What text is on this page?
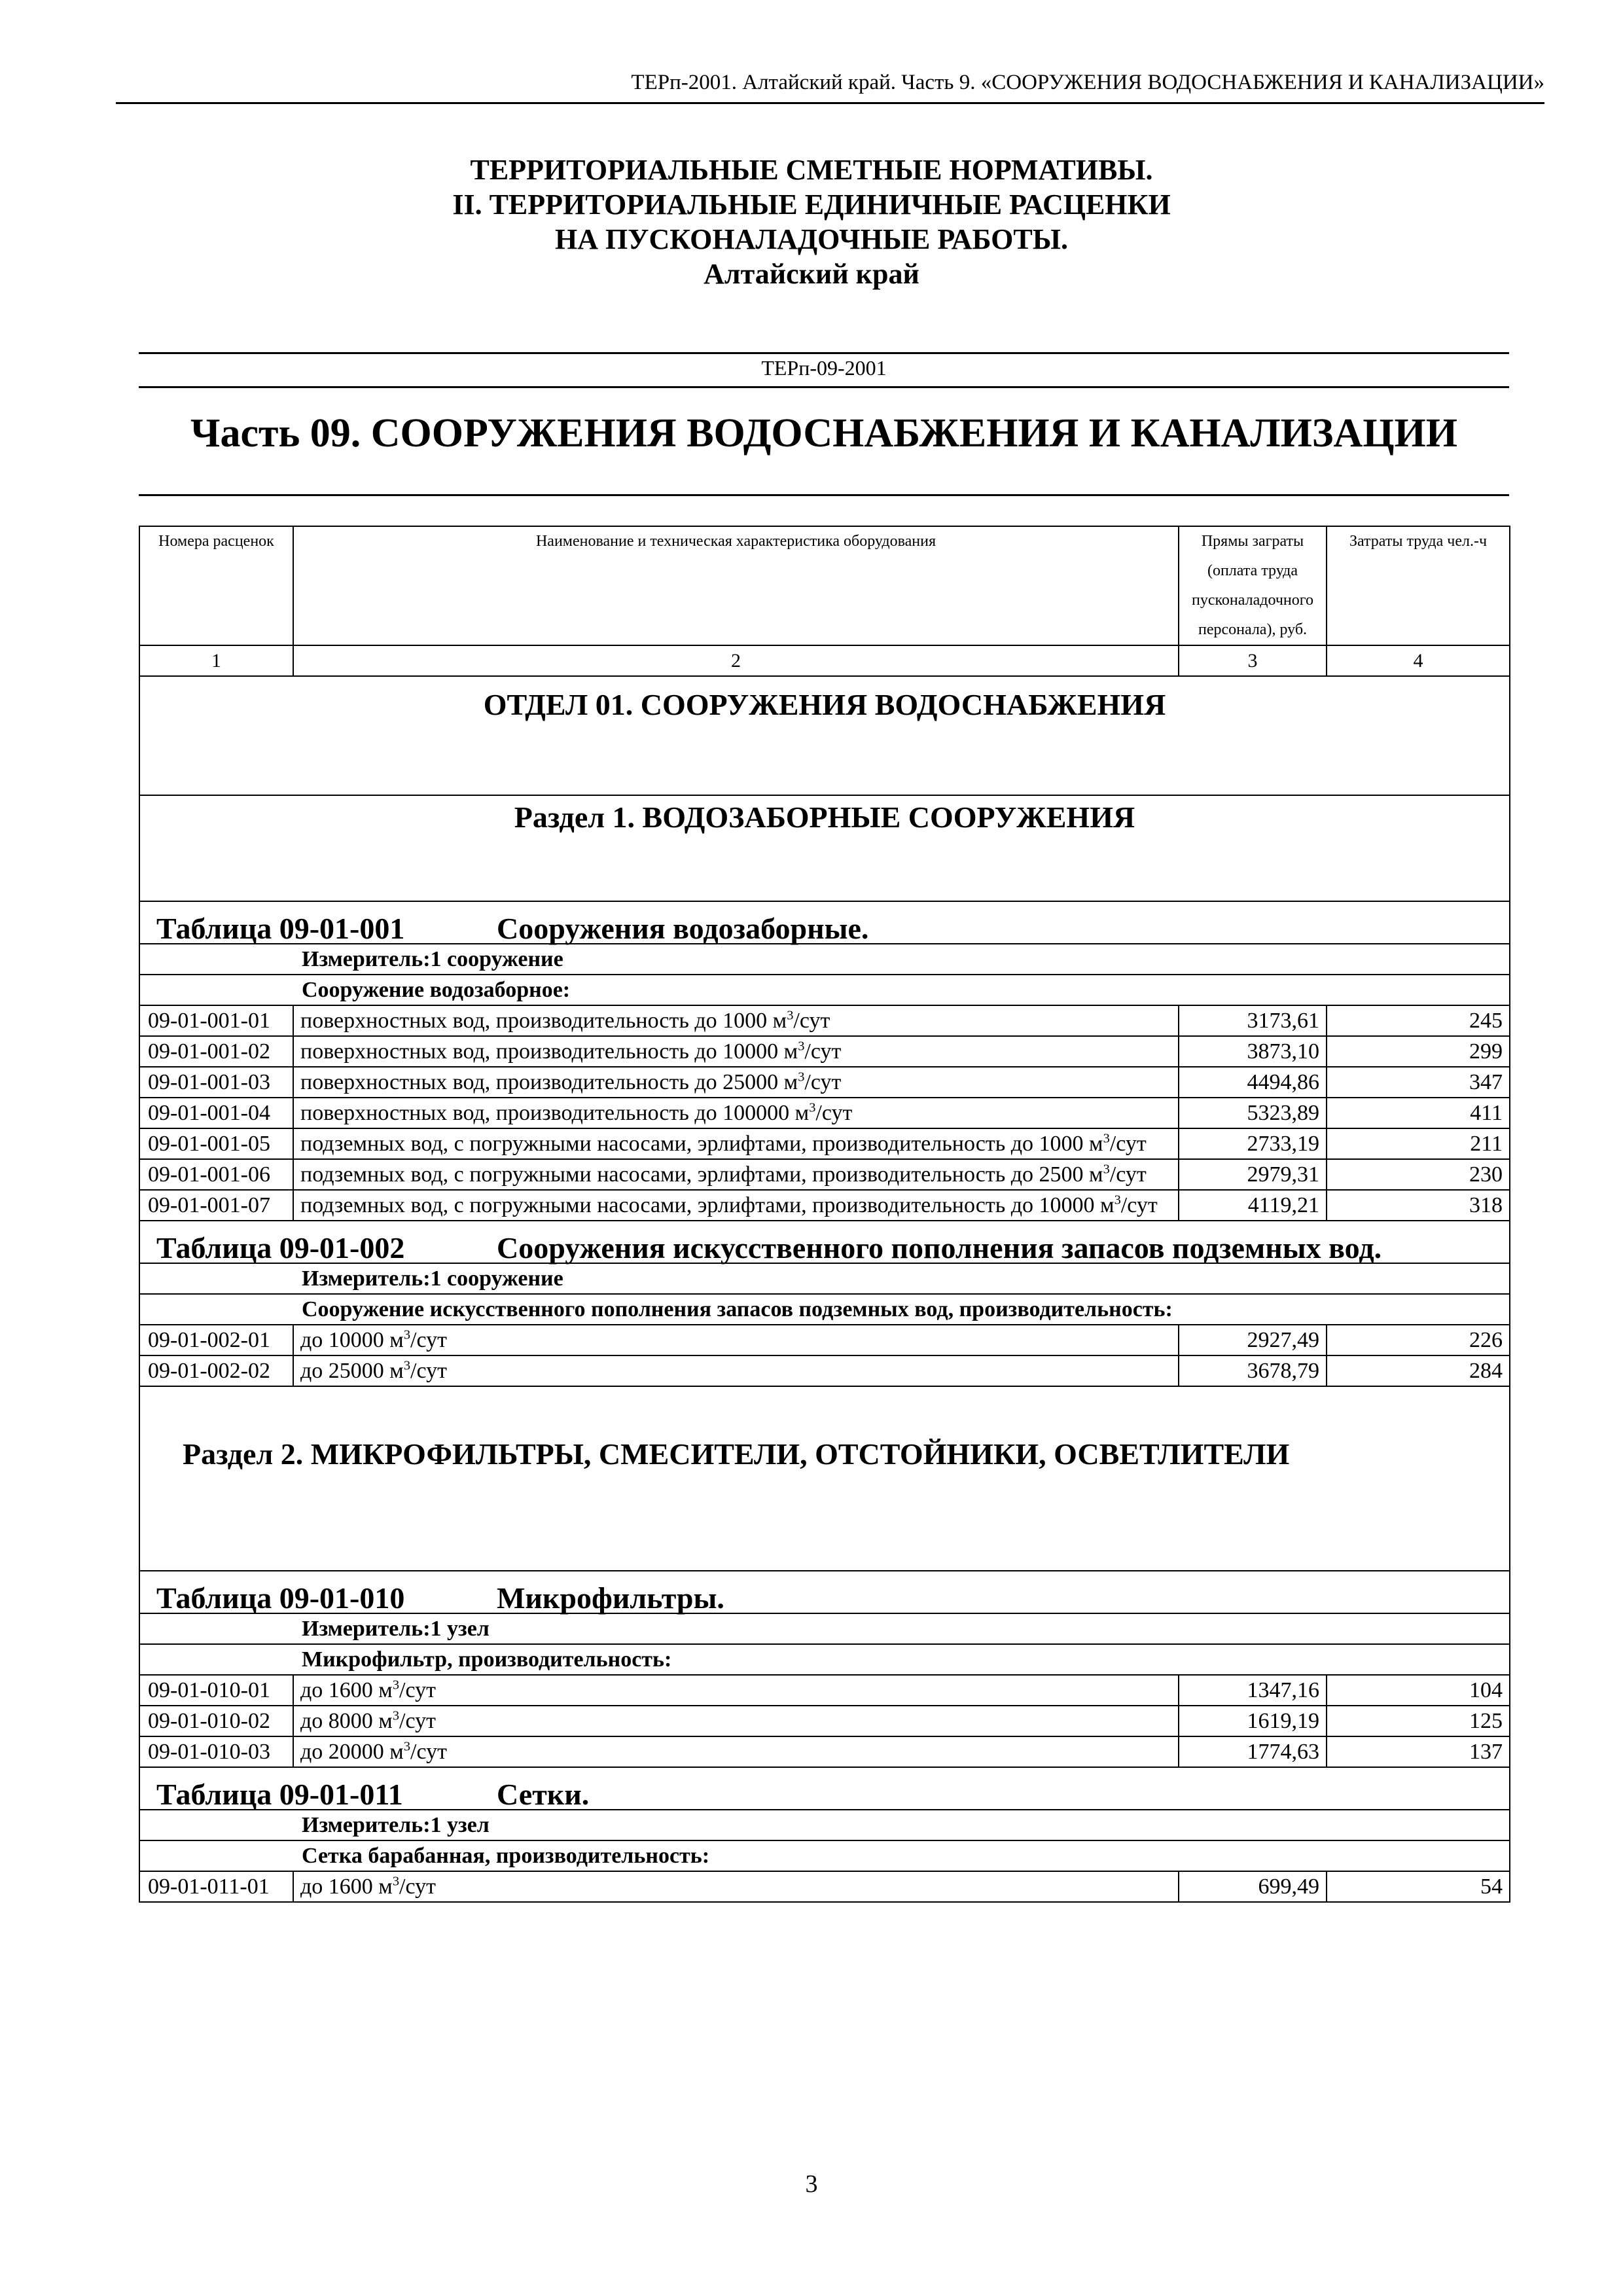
ТЕРп-2001. Алтайский край. Часть 9. «СООРУЖЕНИЯ ВОДОСНАБЖЕНИЯ И КАНАЛИЗАЦИИ»
ТЕРРИТОРИАЛЬНЫЕ СМЕТНЫЕ НОРМАТИВЫ.
II. ТЕРРИТОРИАЛЬНЫЕ ЕДИНИЧНЫЕ РАСЦЕНКИ
НА ПУСКОНАЛАДОЧНЫЕ РАБОТЫ.
Алтайский край
ТЕРп-09-2001
Часть 09. СООРУЖЕНИЯ ВОДОСНАБЖЕНИЯ И КАНАЛИЗАЦИИ
Номера расценок	Наименование и техническая характеристика оборудования	Прямы заграты (оплата труда пусконаладочного персонала), руб.	Затраты труда чел.-ч
1	2	3	4
ОТДЕЛ 01. СООРУЖЕНИЯ ВОДОСНАБЖЕНИЯ			
Раздел 1. ВОДОЗАБОРНЫЕ СООРУЖЕНИЯ			
Таблица 09-01-001 Сооружения водозаборные.			
Измеритель:1 сооружение			
Сооружение водозаборное:			
09-01-001-01	поверхностных вод, производительность до 1000 $м^3$/сут	3173,61	245
09-01-001-02	поверхностных вод, производительность до 10000 $м^3$/сут	3873,10	299
09-01-001-03	поверхностных вод, производительность до 25000 $м^3$/сут	4494,86	347
09-01-001-04	поверхностных вод, производительность до 100000 $м^3$/сут	5323,89	411
09-01-001-05	подземных вод, с погружными насосами, эрлифтами, производительность до 1000 $м^3$/сут	2733,19	211
09-01-001-06	подземных вод, с погружными насосами, эрлифтами, производительность до 2500 $м^3$/сут	2979,31	230
09-01-001-07	подземных вод, с погружными насосами, эрлифтами, производительность до 10000 $м^3$/сут	4119,21	318
Таблица 09-01-002 Сооружения искусственного пополнения запасов подземных вод.			
Измеритель:1 сооружение			
Сооружение искусственного пополнения запасов подземных вод, производительность:			
09-01-002-01	до 10000 $м^3$/сут	2927,49	226
09-01-002-02	до 25000 $м^3$/сут	3678,79	284
Раздел 2. МИКРОФИЛЬТРЫ, СМЕСИТЕЛИ, ОТСТОЙНИКИ, ОСВЕТЛИТЕЛИ			
Таблица 09-01-010 Микрофильтры.			
Измеритель:1 узел			
Микрофильтр, производительность:			
09-01-010-01	до 1600 $м^3$/сут	1347,16	104
09-01-010-02	до 8000 $м^3$/сут	1619,19	125
09-01-010-03	до 20000 $м^3$/сут	1774,63	137
Таблица 09-01-011 Сетки.			
Измеритель:1 узел			
Сетка барабанная, производительность:			
09-01-011-01	до 1600 $м^3$/сут	699,49	54
3
